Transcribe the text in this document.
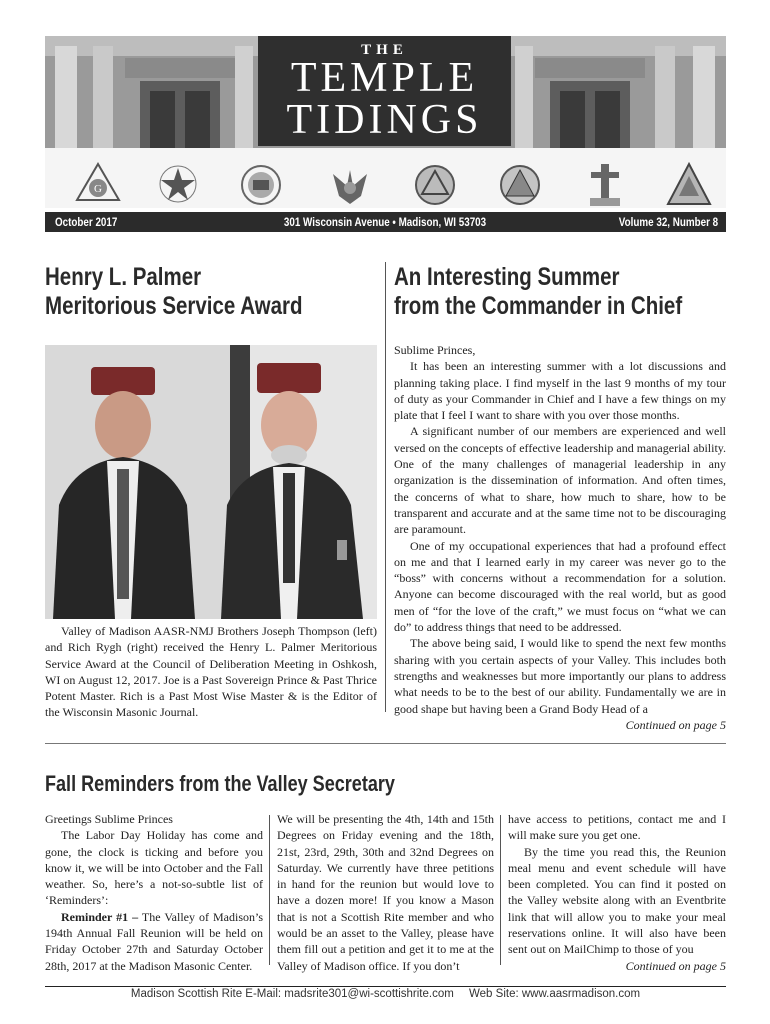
THE
TEMPLE
TIDINGS
G
October 2017	301 Wisconsin Avenue • Madison, WI 53703	Volume 32, Number 8
Henry L. Palmer
Meritorious Service Award

Valley of Madison AASR-NMJ Brothers Joseph Thompson (left) and Rich Rygh (right) received the Henry L. Palmer Meritorious Service Award at the Council of Deliberation Meeting in Oshkosh, WI on August 12, 2017. Joe is a Past Sovereign Prince & Past Thrice Potent Master. Rich is a Past Most Wise Master & is the Editor of the Wisconsin Masonic Journal.

An Interesting Summer
from the Commander in Chief

Sublime Princes,

It has been an interesting summer with a lot discussions and planning taking place. I find myself in the last 9 months of my tour of duty as your Commander in Chief and I have a few things on my plate that I feel I want to share with you over those months.

A significant number of our members are experienced and well versed on the concepts of effective leadership and managerial ability. One of the many challenges of managerial leadership in any organization is the dissemination of information. And often times, the concerns of what to share, how much to share, how to be transparent and accurate and at the same time not to be discouraging are paramount.

One of my occupational experiences that had a profound effect on me and that I learned early in my career was never go to the “boss” with concerns without a recommendation for a solution. Anyone can become discouraged with the real world, but as good men of “for the love of the craft,” we must focus on “what we can do” to address things that need to be addressed.

The above being said, I would like to spend the next few months sharing with you certain aspects of your Valley. This includes both strengths and weaknesses but more importantly our plans to address what needs to be to the best of our ability. Fundamentally we are in good shape but having been a Grand Body Head of a

Continued on page 5
Fall Reminders from the Valley Secretary

Greetings Sublime Princes

The Labor Day Holiday has come and gone, the clock is ticking and before you know it, we will be into October and the Fall weather. So, here’s a not-so-subtle list of ‘Reminders’:

Reminder #1 – The Valley of Madison’s 194th Annual Fall Reunion will be held on Friday October 27th and Saturday October 28th, 2017 at the Madison Masonic Center.

We will be presenting the 4th, 14th and 15th Degrees on Friday evening and the 18th, 21st, 23rd, 29th, 30th and 32nd Degrees on Saturday. We currently have three petitions in hand for the reunion but would love to have a dozen more! If you know a Mason that is not a Scottish Rite member and who would be an asset to the Valley, please have them fill out a petition and get it to me at the Valley of Madison office. If you don’t

have access to petitions, contact me and I will make sure you get one.

By the time you read this, the Reunion meal menu and event schedule will have been completed. You can find it posted on the Valley website along with an Eventbrite link that will allow you to make your meal reservations online. It will also have been sent out on MailChimp to those of you

Continued on page 5
Madison Scottish Rite E-Mail: madsrite301@wi-scottishrite.com Web Site: www.aasrmadison.com
